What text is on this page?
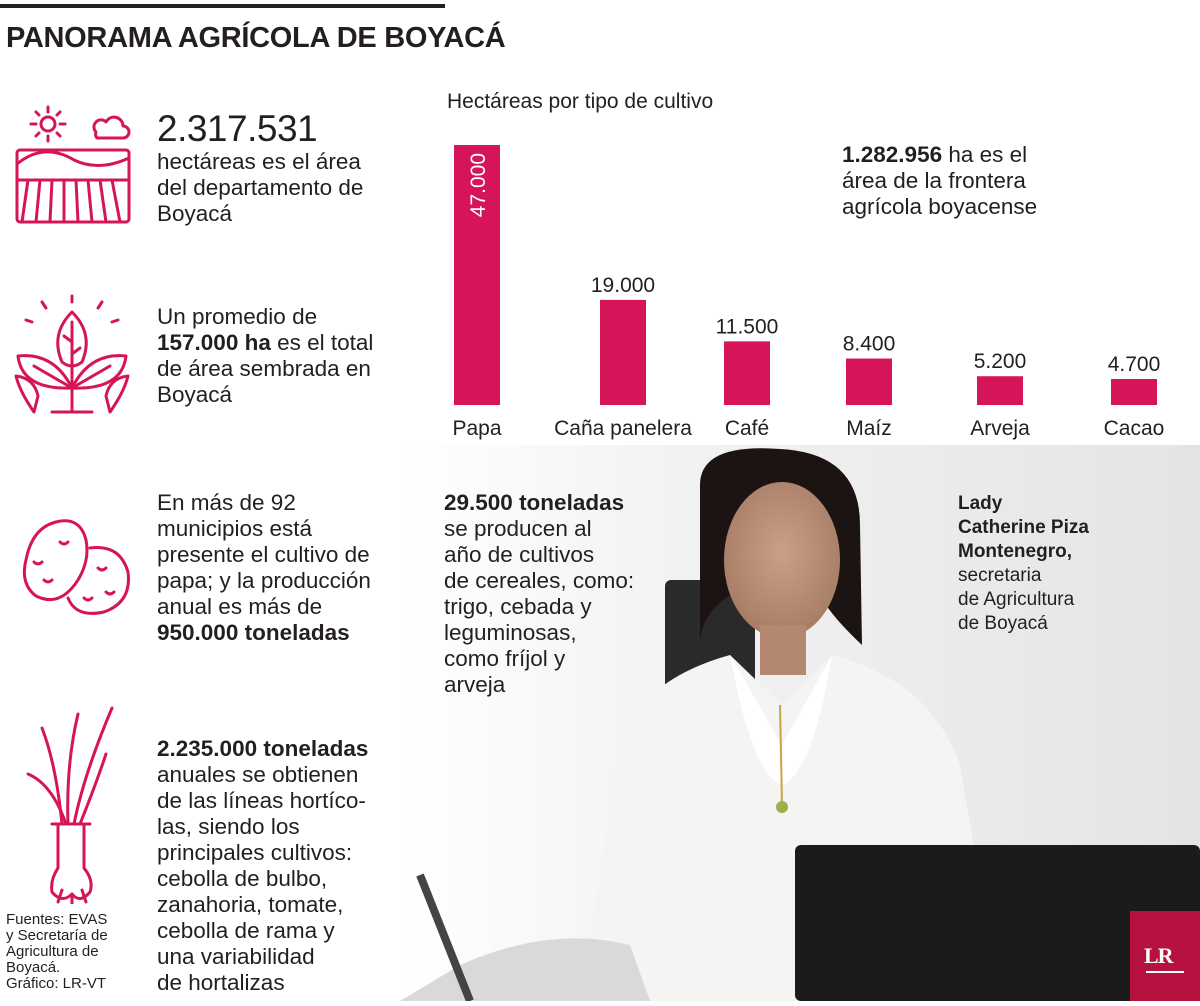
PANORAMA AGRÍCOLA DE BOYACÁ
2.317.531
hectáreas es el área
del departamento de
Boyacá
Un promedio de
157.000 ha es el total
de área sembrada en
Boyacá
En más de 92
municipios está
presente el cultivo de
papa; y la producción
anual es más de
950.000 toneladas
2.235.000 toneladas
anuales se obtienen
de las líneas hortíco-
las, siendo los
principales cultivos:
cebolla de bulbo,
zanahoria, tomate,
cebolla de rama y
una variabilidad
de hortalizas
Fuentes: EVAS
y Secretaría de
Agricultura de
Boyacá.
Gráfico: LR-VT
Hectáreas por tipo de cultivo
47.000
Papa
19.000
Caña panelera
11.500
Café
8.400
Maíz
5.200
Arveja
4.700
Cacao
1.282.956 ha es el
área de la frontera
agrícola boyacense
29.500 toneladas
se producen al
año de cultivos
de cereales, como:
trigo, cebada y
leguminosas,
como fríjol y
arveja
Lady
Catherine Piza
Montenegro,
secretaria
de Agricultura
de Boyacá
LR
